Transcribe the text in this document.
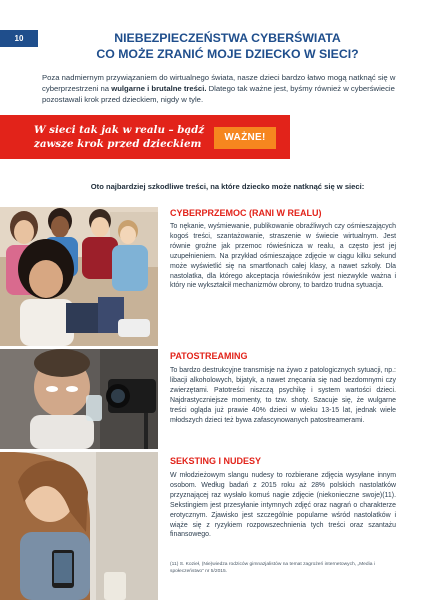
10	NIEBEZPIECZEŃSTWA CYBERŚWIATA
CO MOŻE ZRANIĆ MOJE DZIECKO W SIECI?
Poza nadmiernym przywiązaniem do wirtualnego świata, nasze dzieci bardzo łatwo mogą natknąć się w cyberprzestrzeni na wulgarne i brutalne treści. Dlatego tak ważne jest, byśmy również w cyberświecie pozostawali krok przed dzieckiem, nigdy w tyle.
W sieci tak jak w realu – bądź
zawsze krok przed dzieckiem
WAŻNE!
Oto najbardziej szkodliwe treści, na które dziecko może natknąć się w sieci:
CYBERPRZEMOC (RANI W REALU)
To nękanie, wyśmiewanie, publikowanie obraźliwych czy ośmieszających kogoś treści, szantażowanie, straszenie w świecie wirtualnym. Jest równie groźne jak przemoc rówieśnicza w realu, a często jest jej uzupełnieniem. Na przykład ośmieszające zdjęcie w ciągu kilku sekund może wyświetlić się na smartfonach całej klasy, a nawet szkoły. Dla nastolatka, dla którego akceptacja rówieśników jest niezwykle ważna i który nie wykształcił mechanizmów obrony, to bardzo trudna sytuacja.
PATOSTREAMING
To bardzo destrukcyjne transmisje na żywo z patologicznych sytuacji, np.: libacji alkoholowych, bijatyk, a nawet znęcania się nad bezdomnymi czy zwierzętami. Patotreści niszczą psychikę i system wartości dzieci. Najdrastyczniejsze momenty, to tzw. shoty. Szacuje się, że wulgarne treści ogląda już prawie 40% dzieci w wieku 13-15 lat, jednak wiele młodszych dzieci też bywa zafascynowanych patostreamerami.
SEKSTING I NUDESY
W młodzieżowym slangu nudesy to rozbierane zdjęcia wysyłane innym osobom. Według badań z 2015 roku aż 28% polskich nastolatków przyznającej raz wysłało komuś nagie zdjęcie (niekonieczne swoje)(11). Sekstingiem jest przesyłanie intymnych zdjęć oraz nagrań o charakterze erotycznym. Zjawisko jest szczególnie popularne wśród nastolatków i wiąże się z ryzykiem rozpowszechnienia tych treści oraz szantażu finansowego.
(11) S. Kozieł, (Nie)wiedza rodziców gimnazjalistów na temat zagrożeń internetowych, „Media i społeczeństwo” nr 5/2015.
